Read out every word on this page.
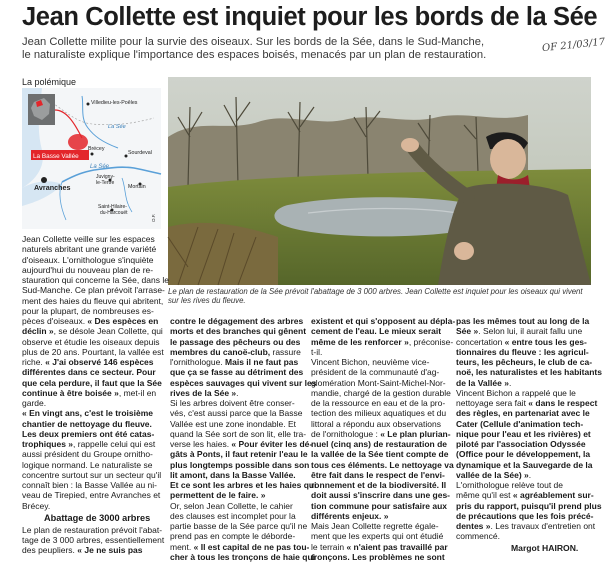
Jean Collette est inquiet pour les bords de la Sée
Jean Collette milite pour la survie des oiseaux. Sur les bords de la Sée, dans le Sud-Manche,
le naturaliste explique l'importance des espaces boisés, menacés par un plan de restauration.
OF 21/03/17
La polémique
La Basse Vallée
Villedieu-les-Poêles
La Sée
Brécey
Sourdeval
La Sée
Juvigny-
le-Tertre
Mortain
Avranches
Saint-Hilaire-
du-Harcouët
O.F.
Le plan de restauration de la Sée prévoit l'abattage de 3 000 arbres. Jean Collette est inquiet pour les oiseaux qui vivent
sur les rives du fleuve.
Jean Collette veille sur les espaces
naturels abritant une grande variété
d'oiseaux. L'ornithologue s'inquiète
aujourd'hui du nouveau plan de re-
stauration qui concerne la Sée, dans le
Sud-Manche. Ce plan prévoit l'arrase-
ment des haies du fleuve qui abritent,
pour la plupart, de nombreuses es-
pèces d'oiseaux. « Des espèces en
déclin », se désole Jean Collette, qui
observe et étudie les oiseaux depuis
plus de 20 ans. Pourtant, la vallée est
riche. « J'ai observé 146 espèces
différentes dans ce secteur. Pour
que cela perdure, il faut que la Sée
continue à être boisée », met-il en
garde.
« En vingt ans, c'est le troisième
chantier de nettoyage du fleuve.
Les deux premiers ont été catas-
trophiques », rappelle celui qui est
aussi président du Groupe ornitho-
logique normand. Le naturaliste se
concentre surtout sur un secteur qu'il
connaît bien : la Basse Vallée au ni-
veau de Tirepied, entre Avranches et
Brécey.
Abattage de 3000 arbres
Le plan de restauration prévoit l'abat-
tage de 3 000 arbres, essentiellement
des peupliers. « Je ne suis pas
contre le dégagement des arbres
morts et des branches qui gênent
le passage des pêcheurs ou des
membres du canoë-club, rassure
l'ornithologue. Mais il ne faut pas
que ça se fasse au détriment des
espèces sauvages qui vivent sur les
rives de la Sée ».
Si les arbres doivent être conser-
vés, c'est aussi parce que la Basse
Vallée est une zone inondable. Et
quand la Sée sort de son lit, elle tra-
verse les haies. « Pour éviter les dé-
gâts à Ponts, il faut retenir l'eau le
plus longtemps possible dans son
lit amont, dans la Basse Vallée.
Et ce sont les arbres et les haies qui
permettent de le faire. »
Or, selon Jean Collette, le cahier
des clauses est incomplet pour la
partie basse de la Sée parce qu'il ne
prend pas en compte le déborde-
ment. « Il est capital de ne pas tou-
cher à tous les tronçons de haie qui
existent et qui s'opposent au dépla-
cement de l'eau. Le mieux serait
même de les renforcer », préconise-
t-il.
Vincent Bichon, neuvième vice-
président de la communauté d'ag-
glomération Mont-Saint-Michel-Nor-
mandie, chargé de la gestion durable
de la ressource en eau et de la pro-
tection des milieux aquatiques et du
littoral a répondu aux observations
de l'ornithologue : « Le plan plurian-
nuel (cinq ans) de restauration de
la vallée de la Sée tient compte de
tous ces éléments. Le nettoyage va
être fait dans le respect de l'envi-
ronnement et de la biodiversité. Il
doit aussi s'inscrire dans une ges-
tion commune pour satisfaire aux
différents enjeux. »
Mais Jean Collette regrette égale-
ment que les experts qui ont étudié
le terrain « n'aient pas travaillé par
tronçons. Les problèmes ne sont
pas les mêmes tout au long de la
Sée ». Selon lui, il aurait fallu une
concertation « entre tous les ges-
tionnaires du fleuve : les agricul-
teurs, les pêcheurs, le club de ca-
noë, les naturalistes et les habitants
de la Vallée ».
Vincent Bichon a rappelé que le
nettoyage sera fait « dans le respect
des règles, en partenariat avec le
Cater (Cellule d'animation tech-
nique pour l'eau et les rivières) et
piloté par l'association Odyssée
(Office pour le développement, la
dynamique et la Sauvegarde de la
vallée de la Sée) ».
L'ornithologue relève tout de
même qu'il est « agréablement sur-
pris du rapport, puisqu'il prend plus
de précautions que les fois précé-
dentes ». Les travaux d'entretien ont
commencé.
Margot HAIRON.
